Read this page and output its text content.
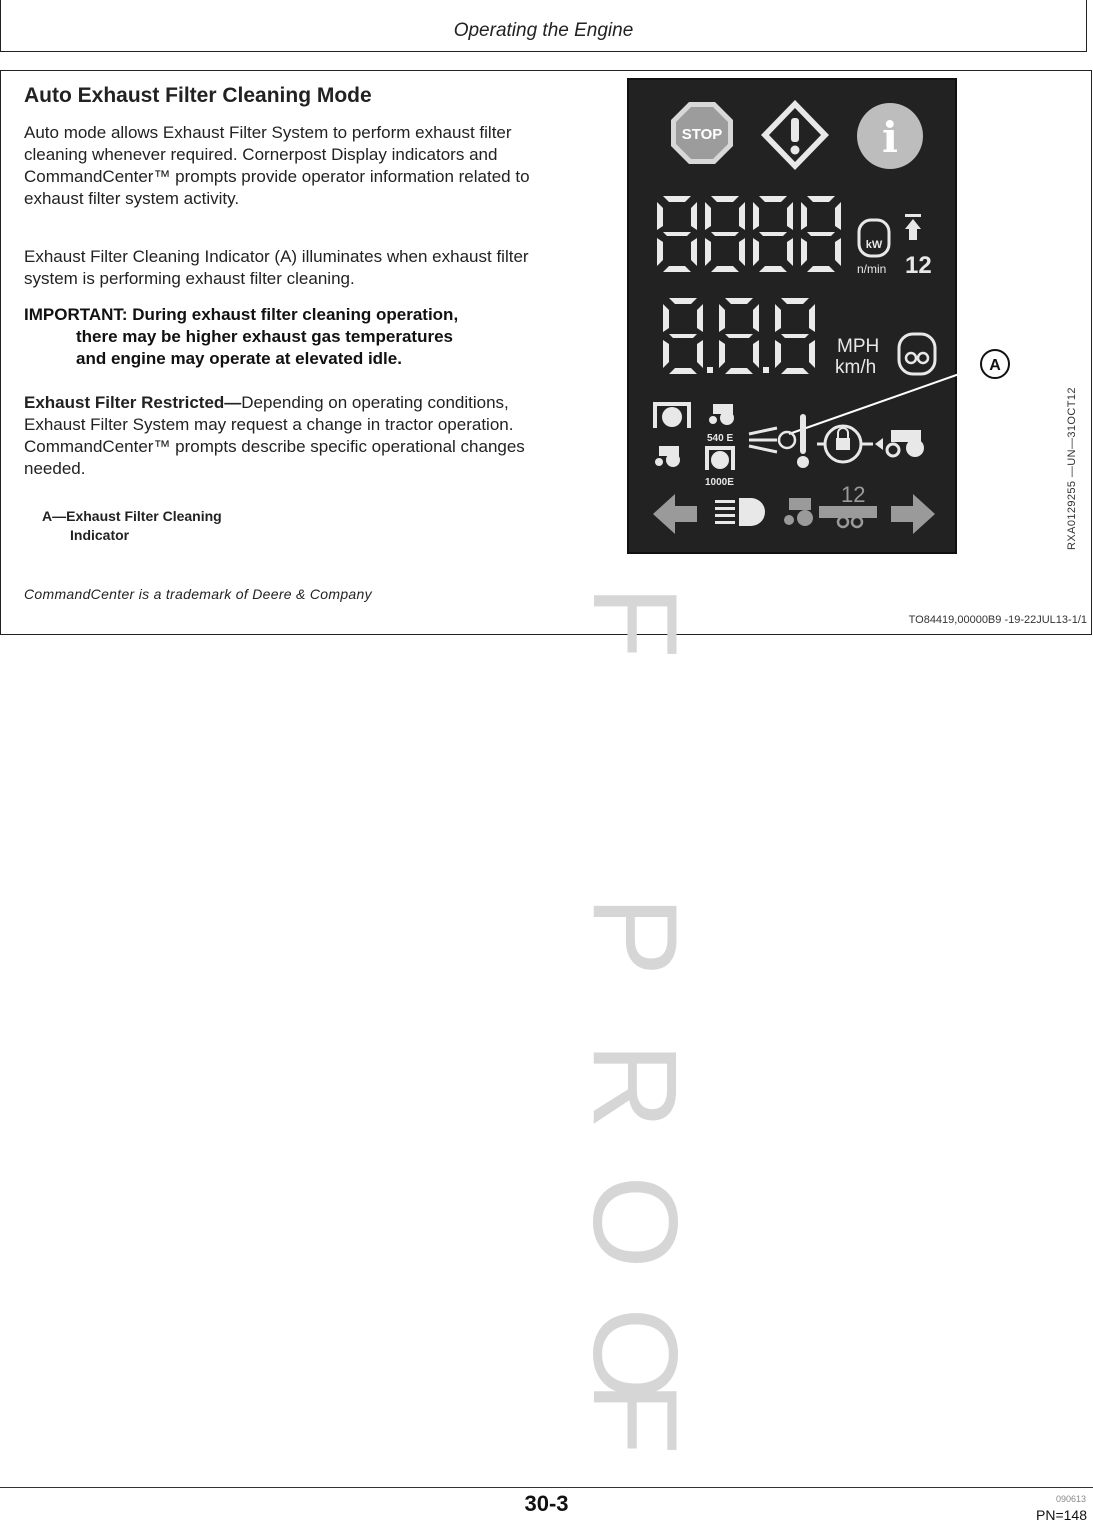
Operating the Engine
Auto Exhaust Filter Cleaning Mode
Auto mode allows Exhaust Filter System to perform exhaust filter cleaning whenever required. Cornerpost Display indicators and CommandCenter™ prompts provide operator information related to exhaust filter system activity.
Exhaust Filter Cleaning Indicator (A) illuminates when exhaust filter system is performing exhaust filter cleaning.
IMPORTANT: During exhaust filter cleaning operation,
there may be higher exhaust gas temperatures
and engine may operate at elevated idle.
Exhaust Filter Restricted—Depending on operating conditions, Exhaust Filter System may request a change in tractor operation. CommandCenter™ prompts describe specific operational changes needed.
A—Exhaust Filter Cleaning
Indicator
CommandCenter is a trademark of Deere & Company
TO84419,00000B9 -19-22JUL13-1/1
RXA0129255 —UN—31OCT12
STOP	i
kW
n/min 12
MPH
km/h	A
540 E
1000E	12
F
P
R
O
O
F
30-3	090613
PN=148
